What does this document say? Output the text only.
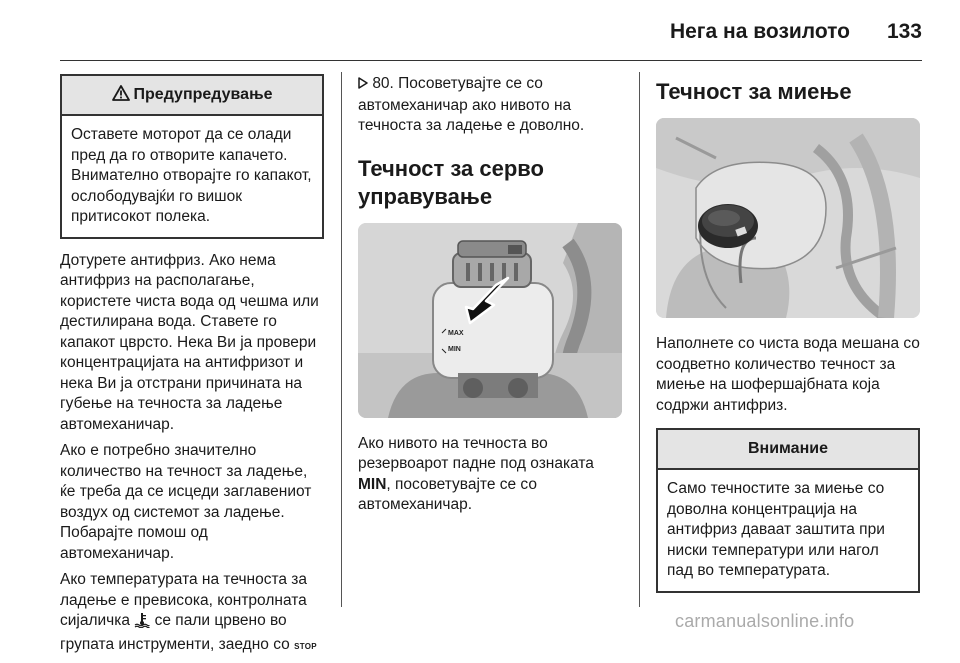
Нега на возилото	133
Предупредување
Оставете моторот да се олади пред да го отворите капачето. Внимателно отворајте го капакот, ослободувајќи го вишок притисокот полека.

Дотурете антифриз. Ако нема антифриз на располагање, користете чиста вода од чешма или дестилирана вода. Ставете го капакот цврсто. Нека Ви ја провери концентрацијата на антифризот и нека Ви ја отстрани причината на губење на течноста за ладење автомеханичар.

Ако е потребно значително количество на течност за ладење, ќе треба да се исцеди заглавениот воздух од системот за ладење. Побарајте помош од автомеханичар.

Ако температурата на течноста за ладење е превисока, контролната сијаличка се пали црвено во групата инструменти, заедно со STOP

80. Посоветувајте се со автомеханичар ако нивото на течноста за ладење е доволно.

Течност за серво управување
MAX
MIN

Ако нивото на течноста во резервоарот падне под ознаката MIN, посоветувајте се со автомеханичар.

Течност за миење

Наполнете со чиста вода мешана со соодветно количество течност за миење на шофершајбната која содржи антифриз.

Внимание
Само течностите за миење со доволна концентрација на антифриз даваат заштита при ниски температури или нагол пад во температурата.
carmanualsonline.info
